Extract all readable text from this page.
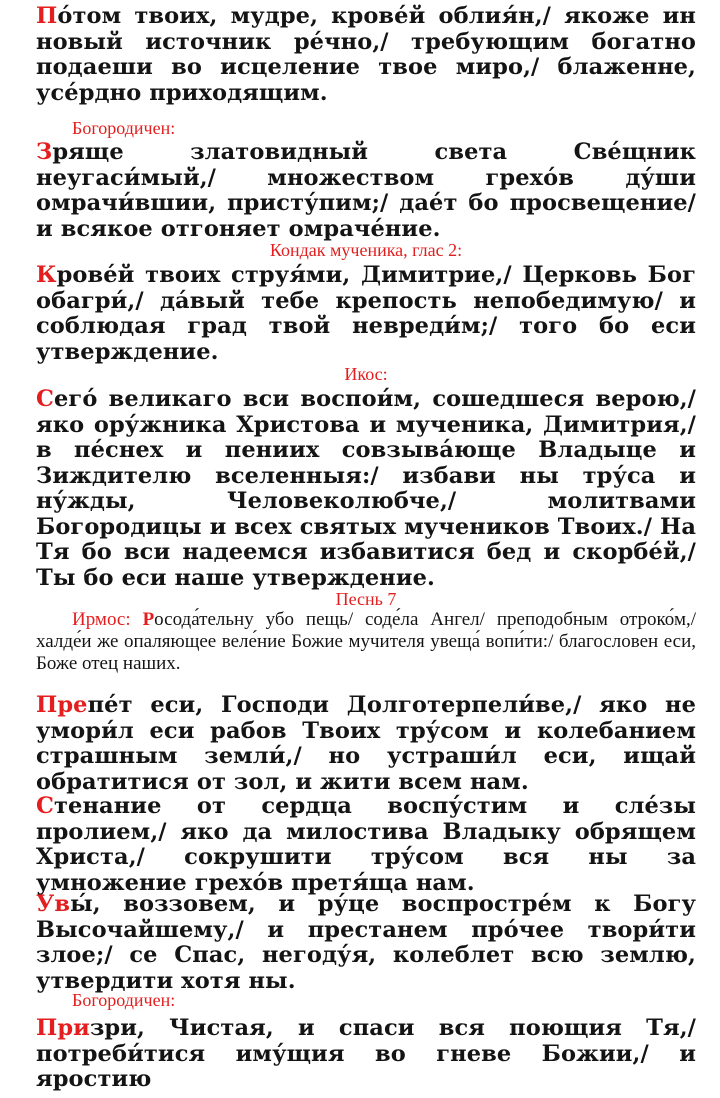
По́том твоих, мудре, крове́й облия́н,/ якоже ин новый источник ре́чно,/ требующим богатно подаеши во исцеление твое миро,/ блаженне, усе́рдно приходящим.
Богородичен:
Зряще златовидный света Све́щник неугаси́мый,/ множеством грехо́в ду́ши омрачи́вшии, присту́пим;/ дае́т бо просвещение/ и всякое отгоняет омраче́ние.
Кондак мученика, глас 2:
Крове́й твоих струя́ми, Димитрие,/ Церковь Бог обагри́,/ да́вый тебе крепость непобедимую/ и соблюдая град твой невреди́м;/ того бо еси утверждение.
Икос:
Сего́ великаго вси воспои́м, сошедшеся верою,/ яко ору́жника Христова и мученика, Димитрия,/ в пе́снех и пениих совзыва́юще Владыце и Зиждителю вселенныя:/ избави ны тру́са и ну́жды, Человеколюбче,/ молитвами Богородицы и всех святых мучеников Твоих./ На Тя бо вси надеемся избавитися бед и скорбе́й,/ Ты бо еси наше утверждение.
Песнь 7
Ирмос: Росода́тельну убо пещь/ соде́ла Ангел/ преподобным отроко́м,/ халде́и же опаляющее веле́ние Божие мучителя увеща́ вопи́ти:/ благословен еси, Боже отец наших.
Препе́т еси, Господи Долготерпели́ве,/ яко не умори́л еси рабов Твоих тру́сом и колебанием страшным земли́,/ но устраши́л еси, ищай обратитися от зол, и жити всем нам.
Стенание от сердца воспу́стим и сле́зы пролием,/ яко да милостива Владыку обрящем Христа,/ сокрушити тру́сом вся ны за умножение грехо́в претя́ща нам.
Увы́, воззовем, и ру́це воспростре́м к Богу Высочайшему,/ и престанем про́чее твори́ти злое;/ се Спас, негоду́я, колеблет всю землю, утвердити хотя ны.
Богородичен:
Призри, Чистая, и спаси вся поющия Тя,/ потреби́тися иму́щия во гневе Божии,/ и яростию
